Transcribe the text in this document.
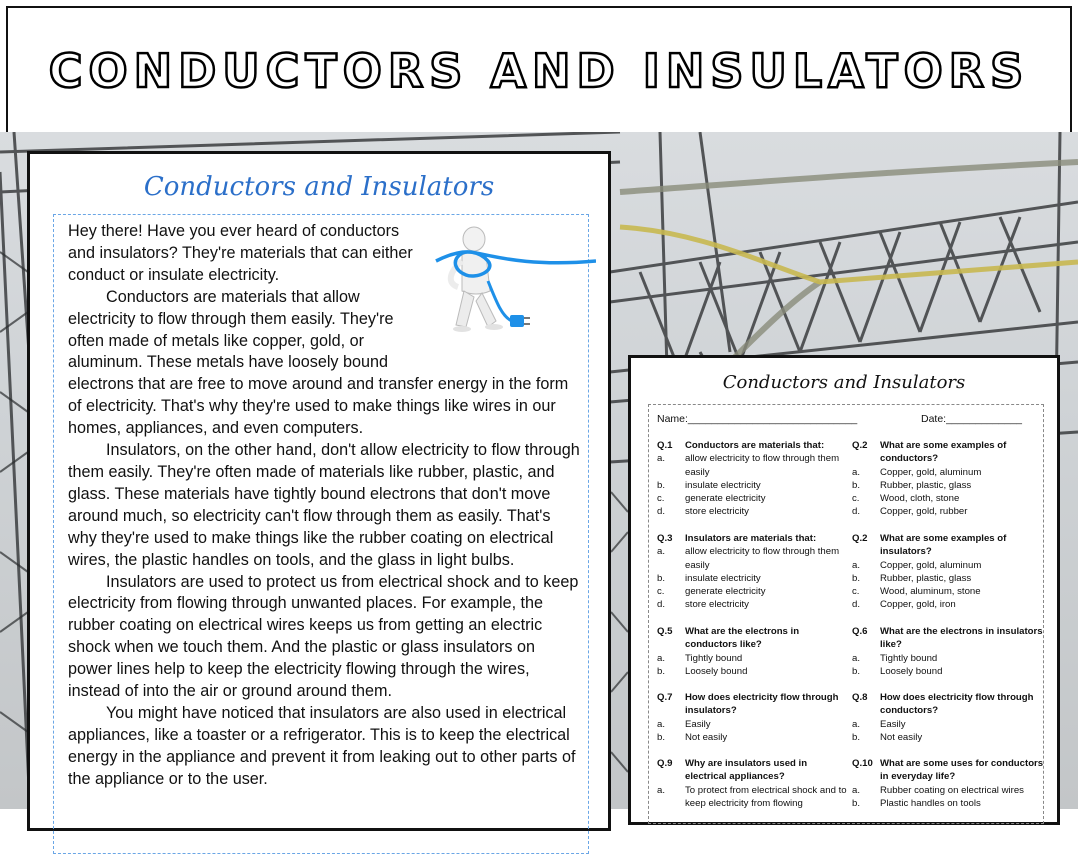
CONDUCTORS AND INSULATORS
Conductors and Insulators

Hey there! Have you ever heard of conductors and insulators? They're materials that can either conduct or insulate electricity.

Conductors are materials that allow electricity to flow through them easily. They're often made of metals like copper, gold, or aluminum. These metals have loosely bound electrons that are free to move around and transfer energy in the form of electricity. That's why they're used to make things like wires in our homes, appliances, and even computers.

Insulators, on the other hand, don't allow electricity to flow through them easily. They're often made of materials like rubber, plastic, and glass. These materials have tightly bound electrons that don't move around much, so electricity can't flow through them as easily. That's why they're used to make things like the rubber coating on electrical wires, the plastic handles on tools, and the glass in light bulbs.

Insulators are used to protect us from electrical shock and to keep electricity from flowing through unwanted places. For example, the rubber coating on electrical wires keeps us from getting an electric shock when we touch them. And the plastic or glass insulators on power lines help to keep the electricity flowing through the wires, instead of into the air or ground around them.

You might have noticed that insulators are also used in electrical appliances, like a toaster or a refrigerator. This is to keep the electrical energy in the appliance and prevent it from leaking out to other parts of the appliance or to the user.

Conductors and Insulators
Name:_____________________________	Date:_____________
Q.1	Conductors are materials that:
a.	allow electricity to flow through them easily
b.	insulate electricity
c.	generate electricity
d.	store electricity
Q.2	What are some examples of conductors?
a.	Copper, gold, aluminum
b.	Rubber, plastic, glass
c.	Wood, cloth, stone
d.	Copper, gold, rubber
Q.3	Insulators are materials that:
a.	allow electricity to flow through them easily
b.	insulate electricity
c.	generate electricity
d.	store electricity
Q.2	What are some examples of insulators?
a.	Copper, gold, aluminum
b.	Rubber, plastic, glass
c.	Wood, aluminum, stone
d.	Copper, gold, iron
Q.5	What are the electrons in conductors like?
a.	Tightly bound
b.	Loosely bound
Q.6	What are the electrons in insulators like?
a.	Tightly bound
b.	Loosely bound
Q.7	How does electricity flow through insulators?
a.	Easily
b.	Not easily
Q.8	How does electricity flow through conductors?
a.	Easily
b.	Not easily
Q.9	Why are insulators used in electrical appliances?
a.	To protect from electrical shock and to keep electricity from flowing
Q.10 What are some uses for conductors in everyday life?
a.	Rubber coating on electrical wires
b.	Plastic handles on tools
